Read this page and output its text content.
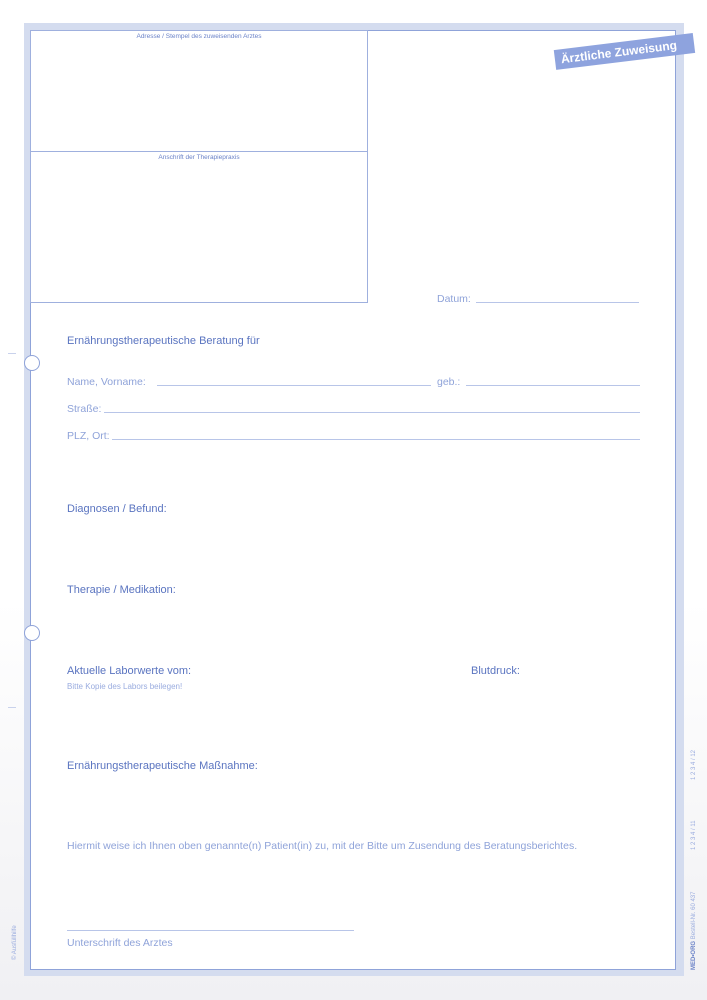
Adresse / Stempel des zuweisenden Arztes
Anschrift der Therapiepraxis
Ärztliche Zuweisung
Datum:
Ernährungstherapeutische Beratung für
Name, Vorname:	geb.:
Straße:
PLZ, Ort:
Diagnosen / Befund:
Therapie / Medikation:
Aktuelle Laborwerte vom:
Bitte Kopie des Labors beilegen!
Blutdruck:
Ernährungstherapeutische Maßnahme:
Hiermit weise ich Ihnen oben genannte(n) Patient(in) zu, mit der Bitte um Zusendung des Beratungsberichtes.
Unterschrift des Arztes	MED•ORG Bestell-Nr. 60 437
1 2 3 4 / 11
1 2 3 4 / 12
© Ausfüllhilfe
